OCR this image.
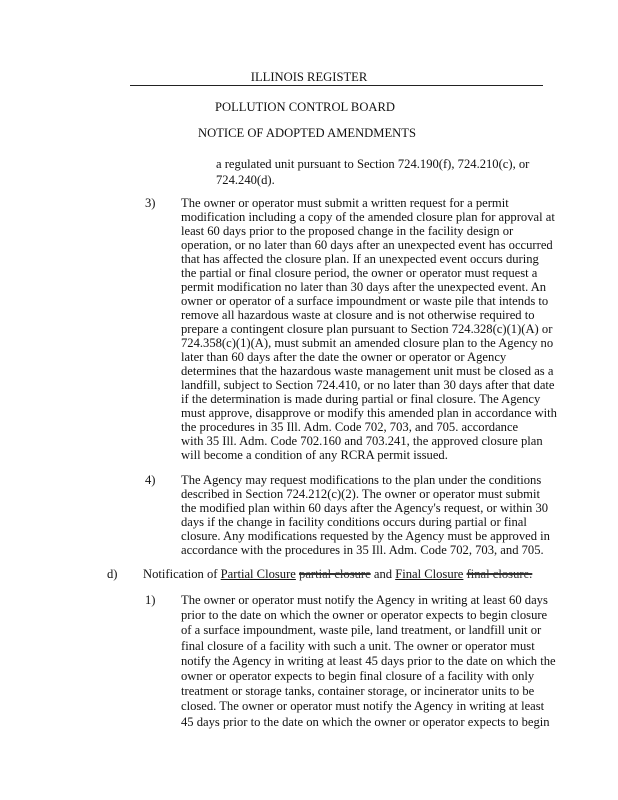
ILLINOIS REGISTER
POLLUTION CONTROL BOARD
NOTICE OF ADOPTED AMENDMENTS
a regulated unit pursuant to Section 724.190(f), 724.210(c), or
724.240(d).
3) The owner or operator must submit a written request for a permit
modification including a copy of the amended closure plan for approval at
least 60 days prior to the proposed change in the facility design or
operation, or no later than 60 days after an unexpected event has occurred
that has affected the closure plan. If an unexpected event occurs during
the partial or final closure period, the owner or operator must request a
permit modification no later than 30 days after the unexpected event. An
owner or operator of a surface impoundment or waste pile that intends to
remove all hazardous waste at closure and is not otherwise required to
prepare a contingent closure plan pursuant to Section 724.328(c)(1)(A) or
724.358(c)(1)(A), must submit an amended closure plan to the Agency no
later than 60 days after the date the owner or operator or Agency
determines that the hazardous waste management unit must be closed as a
landfill, subject to Section 724.410, or no later than 30 days after that date
if the determination is made during partial or final closure. The Agency
must approve, disapprove or modify this amended plan in accordance with
the procedures in 35 Ill. Adm. Code 702, 703, and 705. accordance
with 35 Ill. Adm. Code 702.160 and 703.241, the approved closure plan
will become a condition of any RCRA permit issued.
4) The Agency may request modifications to the plan under the conditions
described in Section 724.212(c)(2). The owner or operator must submit
the modified plan within 60 days after the Agency's request, or within 30
days if the change in facility conditions occurs during partial or final
closure. Any modifications requested by the Agency must be approved in
accordance with the procedures in 35 Ill. Adm. Code 702, 703, and 705.
d) Notification of Partial Closure partial closure and Final Closure final closure.
1) The owner or operator must notify the Agency in writing at least 60 days
prior to the date on which the owner or operator expects to begin closure
of a surface impoundment, waste pile, land treatment, or landfill unit or
final closure of a facility with such a unit. The owner or operator must
notify the Agency in writing at least 45 days prior to the date on which the
owner or operator expects to begin final closure of a facility with only
treatment or storage tanks, container storage, or incinerator units to be
closed. The owner or operator must notify the Agency in writing at least
45 days prior to the date on which the owner or operator expects to begin
